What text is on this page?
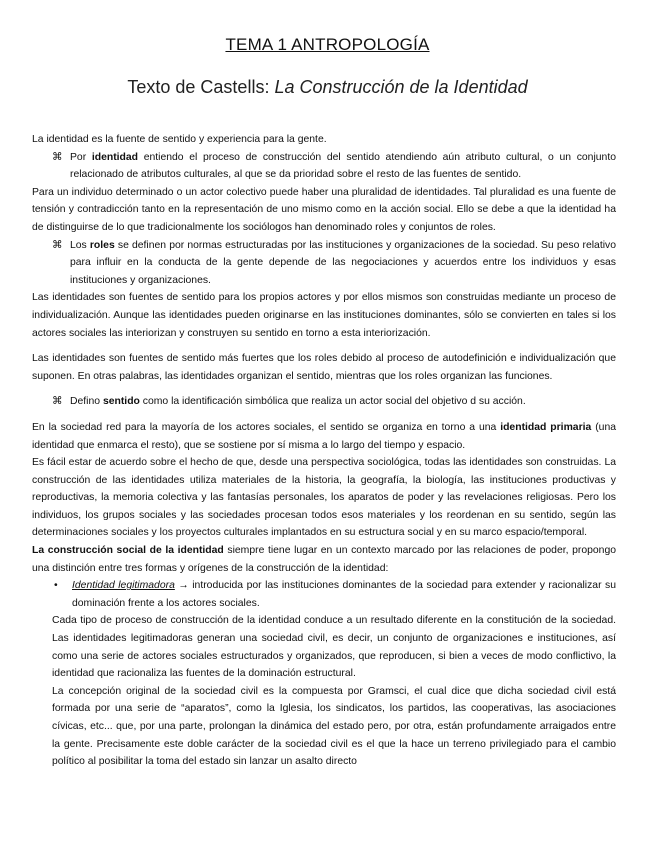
TEMA 1 ANTROPOLOGÍA
Texto de Castells: La Construcción de la Identidad

La identidad es la fuente de sentido y experiencia para la gente.

⌘ Por identidad entiendo el proceso de construcción del sentido atendiendo aún atributo cultural, o un conjunto relacionado de atributos culturales, al que se da prioridad sobre el resto de las fuentes de sentido.

Para un individuo determinado o un actor colectivo puede haber una pluralidad de identidades. Tal pluralidad es una fuente de tensión y contradicción tanto en la representación de uno mismo como en la acción social. Ello se debe a que la identidad ha de distinguirse de lo que tradicionalmente los sociólogos han denominado roles y conjuntos de roles.

⌘ Los roles se definen por normas estructuradas por las instituciones y organizaciones de la sociedad. Su peso relativo para influir en la conducta de la gente depende de las negociaciones y acuerdos entre los individuos y esas instituciones y organizaciones.

Las identidades son fuentes de sentido para los propios actores y por ellos mismos son construidas mediante un proceso de individualización. Aunque las identidades pueden originarse en las instituciones dominantes, sólo se convierten en tales si los actores sociales las interiorizan y construyen su sentido en torno a esta interiorización.

Las identidades son fuentes de sentido más fuertes que los roles debido al proceso de autodefinición e individualización que suponen. En otras palabras, las identidades organizan el sentido, mientras que los roles organizan las funciones.

⌘ Defino sentido como la identificación simbólica que realiza un actor social del objetivo d su acción.

En la sociedad red para la mayoría de los actores sociales, el sentido se organiza en torno a una identidad primaria (una identidad que enmarca el resto), que se sostiene por sí misma a lo largo del tiempo y espacio.

Es fácil estar de acuerdo sobre el hecho de que, desde una perspectiva sociológica, todas las identidades son construidas. La construcción de las identidades utiliza materiales de la historia, la geografía, la biología, las instituciones productivas y reproductivas, la memoria colectiva y las fantasías personales, los aparatos de poder y las revelaciones religiosas. Pero los individuos, los grupos sociales y las sociedades procesan todos esos materiales y los reordenan en su sentido, según las determinaciones sociales y los proyectos culturales implantados en su estructura social y en su marco espacio/temporal.

La construcción social de la identidad siempre tiene lugar en un contexto marcado por las relaciones de poder, propongo una distinción entre tres formas y orígenes de la construcción de la identidad:

• Identidad legitimadora → introducida por las instituciones dominantes de la sociedad para extender y racionalizar su dominación frente a los actores sociales.

Cada tipo de proceso de construcción de la identidad conduce a un resultado diferente en la constitución de la sociedad. Las identidades legitimadoras generan una sociedad civil, es decir, un conjunto de organizaciones e instituciones, así como una serie de actores sociales estructurados y organizados, que reproducen, si bien a veces de modo conflictivo, la identidad que racionaliza las fuentes de la dominación estructural.

La concepción original de la sociedad civil es la compuesta por Gramsci, el cual dice que dicha sociedad civil está formada por una serie de “aparatos”, como la Iglesia, los sindicatos, los partidos, las cooperativas, las asociaciones cívicas, etc... que, por una parte, prolongan la dinámica del estado pero, por otra, están profundamente arraigados entre la gente. Precisamente este doble carácter de la sociedad civil es el que la hace un terreno privilegiado para el cambio político al posibilitar la toma del estado sin lanzar un asalto directo
